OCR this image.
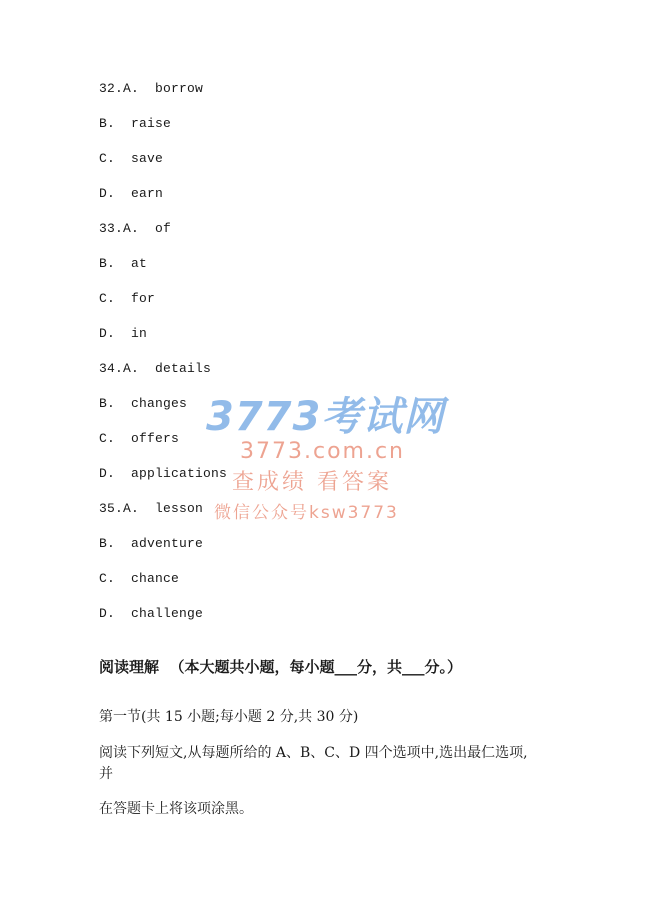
32.A.  borrow
B.  raise
C.  save
D.  earn
33.A.  of
B.  at
C.  for
D.  in
34.A.  details
B.  changes
C.  offers
D.  applications
35.A.  lesson
B.  adventure
C.  chance
D.  challenge
阅读理解  （本大题共小题，每小题___分，共___分。）
第一节(共 15 小题;每小题 2 分,共 30 分)
阅读下列短文,从每题所给的 A、B、C、D 四个选项中,选出最仁选项,
并
在答题卡上将该项涂黑。
3773考试网
3773.com.cn
查成绩 看答案
微信公众号ksw3773
